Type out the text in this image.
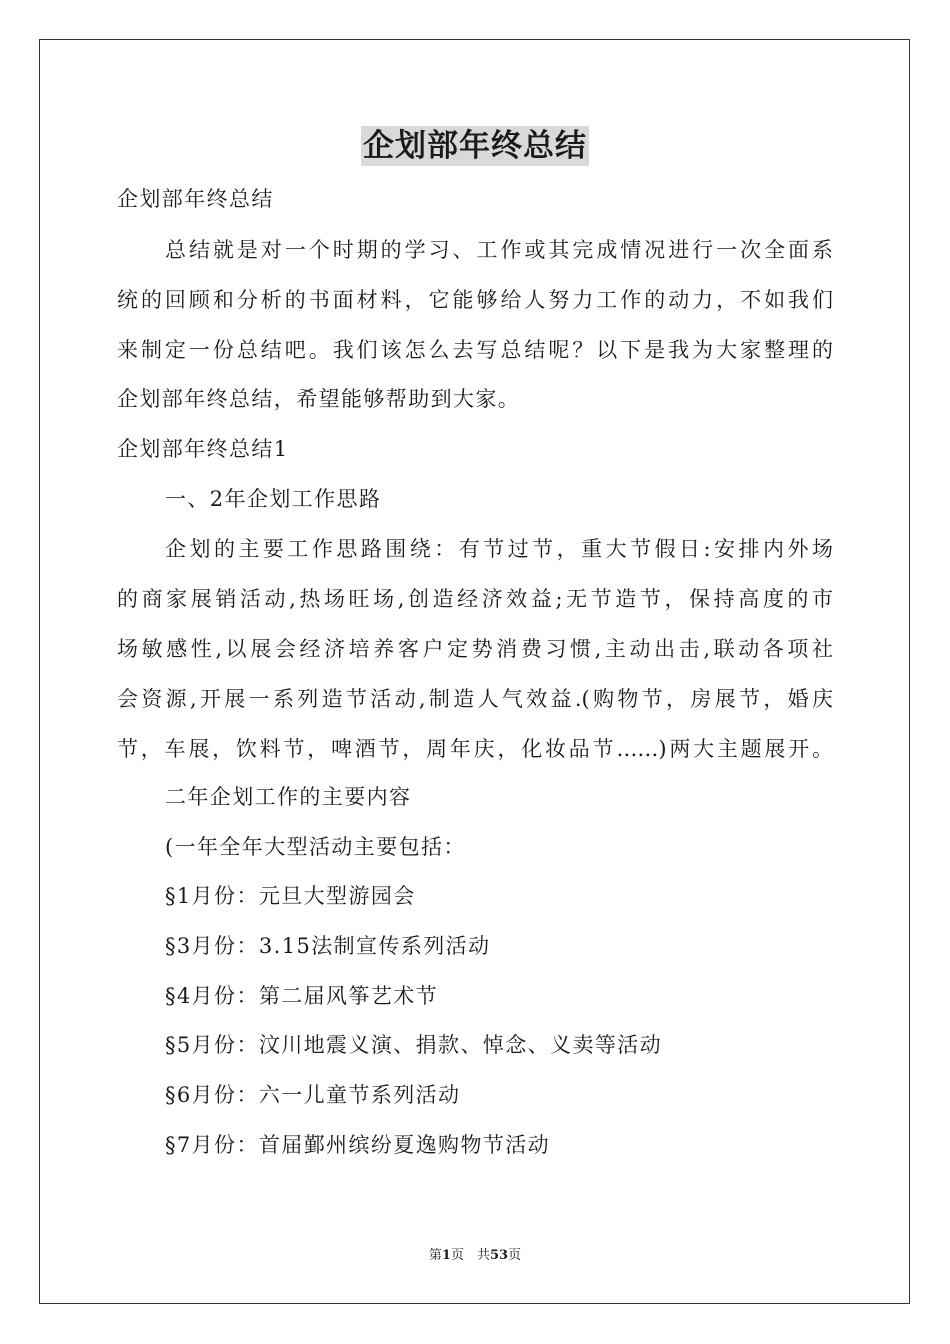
企划部年终总结
企划部年终总结
总结就是对一个时期的学习、工作或其完成情况进行一次全面系
统的回顾和分析的书面材料，它能够给人努力工作的动力，不如我们
来制定一份总结吧。我们该怎么去写总结呢？以下是我为大家整理的
企划部年终总结，希望能够帮助到大家。
企划部年终总结1
一、2年企划工作思路
企划的主要工作思路围绕：有节过节，重大节假日:安排内外场
的商家展销活动,热场旺场,创造经济效益;无节造节，保持高度的市
场敏感性,以展会经济培养客户定势消费习惯,主动出击,联动各项社
会资源,开展一系列造节活动,制造人气效益.(购物节，房展节，婚庆
节，车展，饮料节，啤酒节，周年庆，化妆品节……)两大主题展开。
二年企划工作的主要内容
(一年全年大型活动主要包括：
§1月份：元旦大型游园会
§3月份：3.15法制宣传系列活动
§4月份：第二届风筝艺术节
§5月份：汶川地震义演、捐款、悼念、义卖等活动
§6月份：六一儿童节系列活动
§7月份：首届鄞州缤纷夏逸购物节活动
第1页　共53页
